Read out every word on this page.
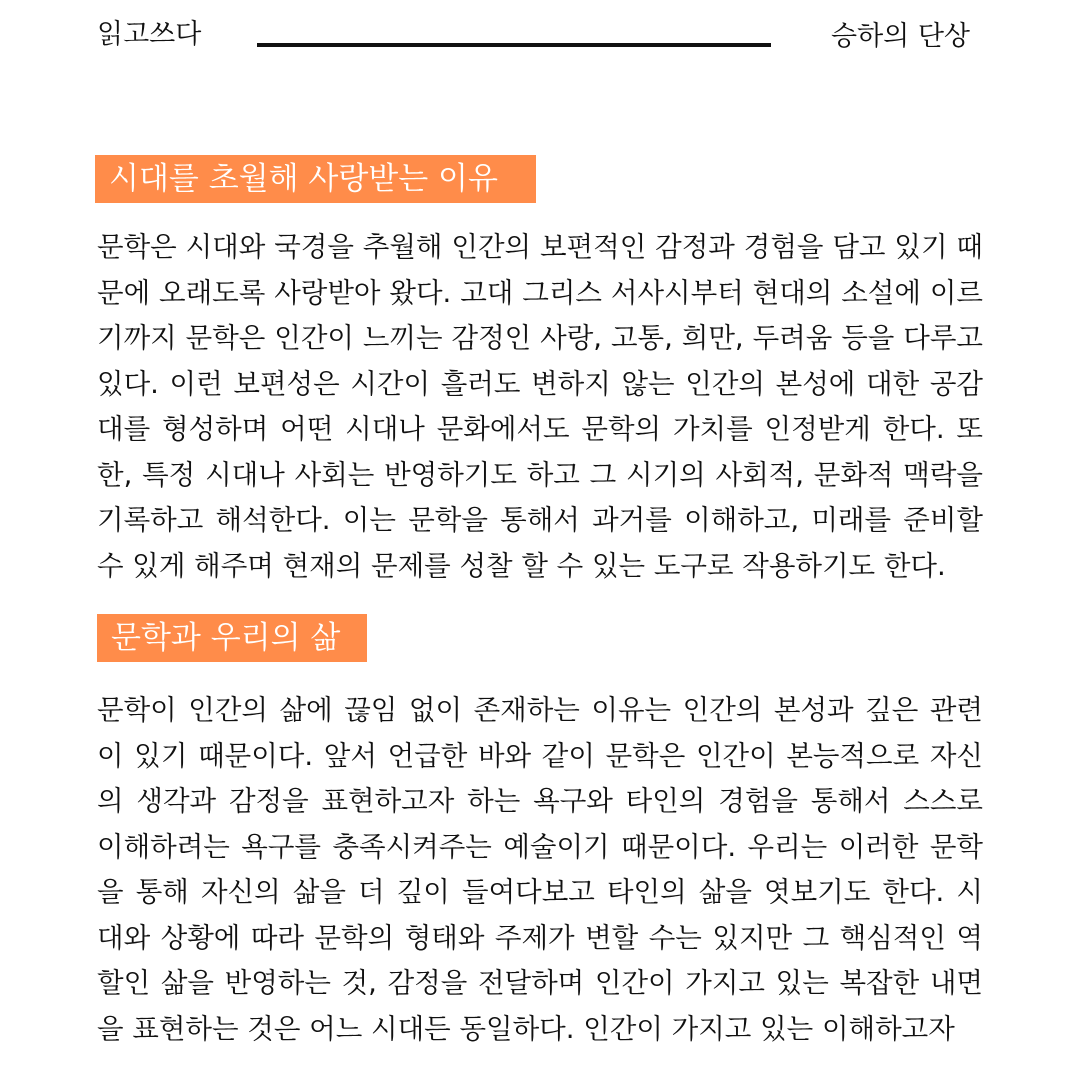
읽고쓰다	승하의 단상
시대를 초월해 사랑받는 이유
문학은 시대와 국경을 추월해 인간의 보편적인 감정과 경험을 담고 있기 때
문에 오래도록 사랑받아 왔다. 고대 그리스 서사시부터 현대의 소설에 이르
기까지 문학은 인간이 느끼는 감정인 사랑, 고통, 희만, 두려움 등을 다루고
있다. 이런 보편성은 시간이 흘러도 변하지 않는 인간의 본성에 대한 공감
대를 형성하며 어떤 시대나 문화에서도 문학의 가치를 인정받게 한다. 또
한, 특정 시대나 사회는 반영하기도 하고 그 시기의 사회적, 문화적 맥락을
기록하고 해석한다. 이는 문학을 통해서 과거를 이해하고, 미래를 준비할
수 있게 해주며 현재의 문제를 성찰 할 수 있는 도구로 작용하기도 한다.
문학과 우리의 삶
문학이 인간의 삶에 끊임 없이 존재하는 이유는 인간의 본성과 깊은 관련
이 있기 때문이다. 앞서 언급한 바와 같이 문학은 인간이 본능적으로 자신
의 생각과 감정을 표현하고자 하는 욕구와 타인의 경험을 통해서 스스로
이해하려는 욕구를 충족시켜주는 예술이기 때문이다. 우리는 이러한 문학
을 통해 자신의 삶을 더 깊이 들여다보고 타인의 삶을 엿보기도 한다. 시
대와 상황에 따라 문학의 형태와 주제가 변할 수는 있지만 그 핵심적인 역
할인 삶을 반영하는 것, 감정을 전달하며 인간이 가지고 있는 복잡한 내면
을 표현하는 것은 어느 시대든 동일하다. 인간이 가지고 있는 이해하고자
